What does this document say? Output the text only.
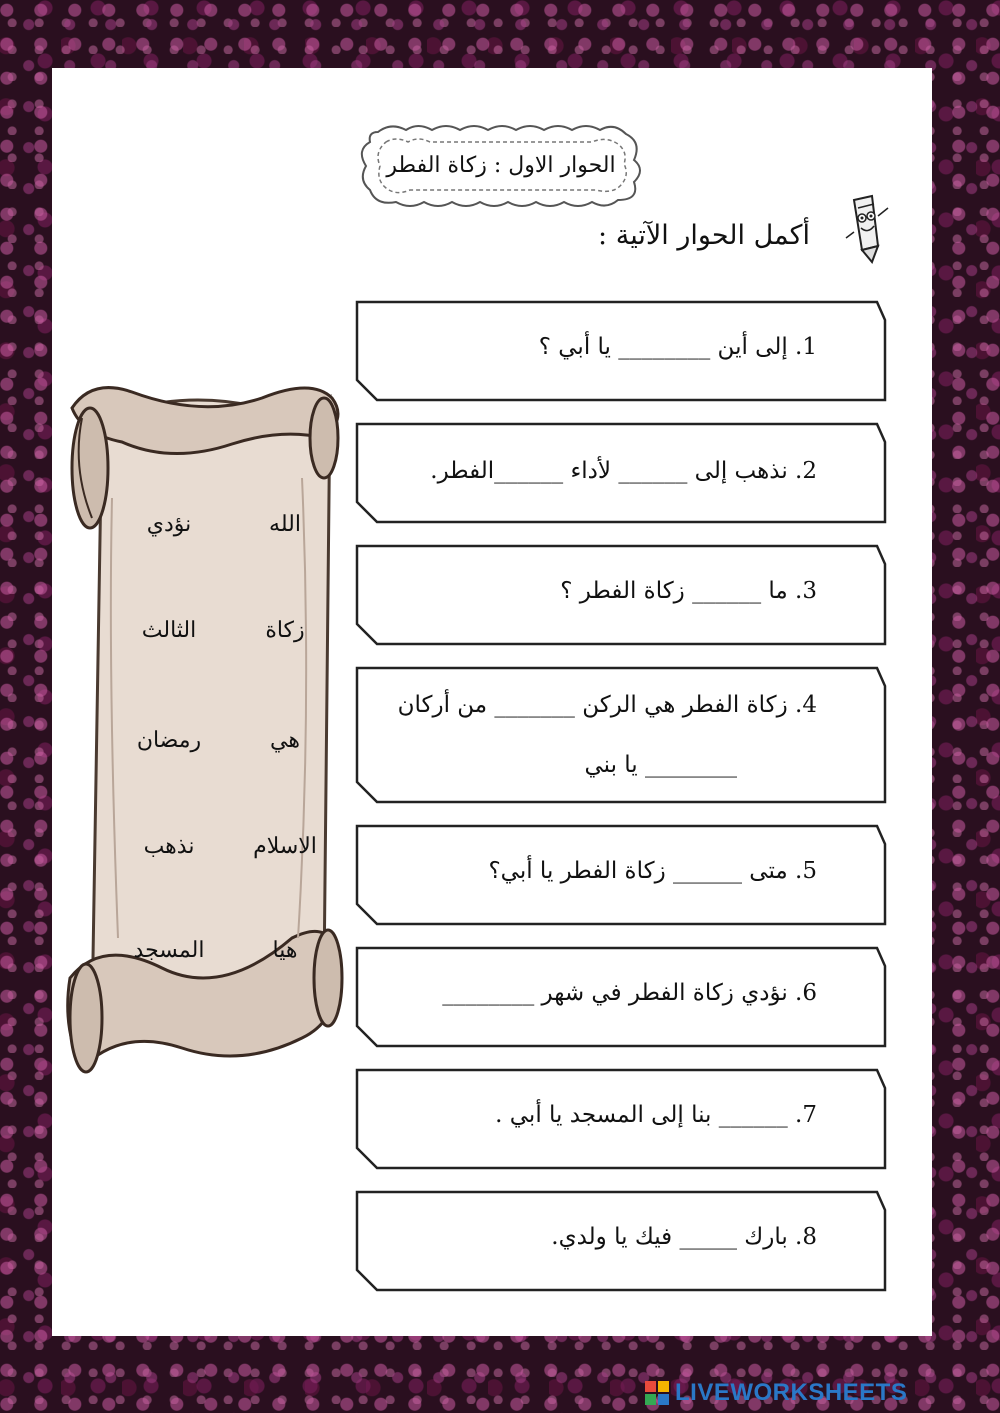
الحوار الاول : زكاة الفطر
أكمل الحوار الآتية :
1. إلى أين ________ يا أبي ؟
2. نذهب إلى ______ لأداء ______الفطر.
3. ما ______ زكاة الفطر ؟
4. زكاة الفطر هي الركن _______ من أركان
________ يا بني
5. متى ______ زكاة الفطر يا أبي؟
6. نؤدي زكاة الفطر في شهر ________
7. ______ بنا إلى المسجد يا أبي .
8. بارك _____ فيك يا ولدي.
الله
نؤدي
زكاة
الثالث
هي
رمضان
الاسلام
نذهب
هيا
المسجد
LIVEWORKSHEETS
